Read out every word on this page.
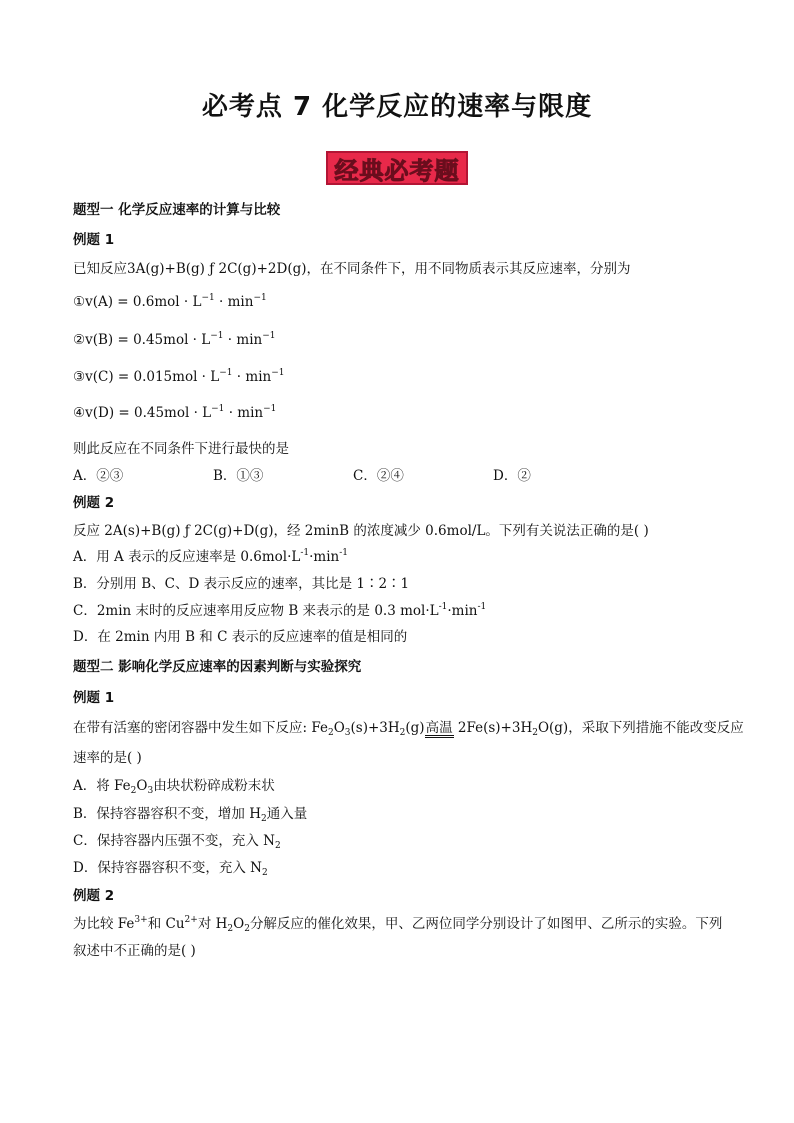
必考点 7 化学反应的速率与限度
经典必考题
题型一 化学反应速率的计算与比较
例题 1
已知反应3A(g)+B(g) ƒ 2C(g)+2D(g)，在不同条件下，用不同物质表示其反应速率，分别为
①v(A) = $0.6mol \cdot L^{-1} \cdot \min^{-1}$
②v(B) = $0.45mol \cdot L^{-1} \cdot \min^{-1}$
③v(C) = $0.015mol \cdot L^{-1} \cdot \min^{-1}$
④v(D) = $0.45mol \cdot L^{-1} \cdot \min^{-1}$
则此反应在不同条件下进行最快的是
A．②③	B．①③	C．②④	D．②
例题 2
反应 2A(s)+B(g) ƒ 2C(g)+D(g)，经 2minB 的浓度减少 0.6mol/L。下列有关说法正确的是( )
A．用 A 表示的反应速率是 $0.6mol\cdot L^{-1}\cdot\min^{-1}$
B．分别用 B、C、D 表示反应的速率，其比是 1∶2∶1
C．2min 末时的反应速率用反应物 B 来表示的是 0.3 $mol\cdot L^{-1}\cdot\min^{-1}$
D．在 2min 内用 B 和 C 表示的反应速率的值是相同的
题型二 影响化学反应速率的因素判断与实验探究
例题 1
在带有活塞的密闭容器中发生如下反应: $Fe_2O_3(s)+3H_2(g)$高温 $2Fe(s)+3H_2O(g)$，采取下列措施不能改变反应
速率的是( )
A．将 $Fe_2O_3$由块状粉碎成粉末状
B．保持容器容积不变，增加 $H_2$通入量
C．保持容器内压强不变，充入 $N_2$
D．保持容器容积不变，充入 $N_2$
例题 2
为比较 $Fe^{3+}$和 $Cu^{2+}$对 $H_2O_2$分解反应的催化效果，甲、乙两位同学分别设计了如图甲、乙所示的实验。下列
叙述中不正确的是( )
